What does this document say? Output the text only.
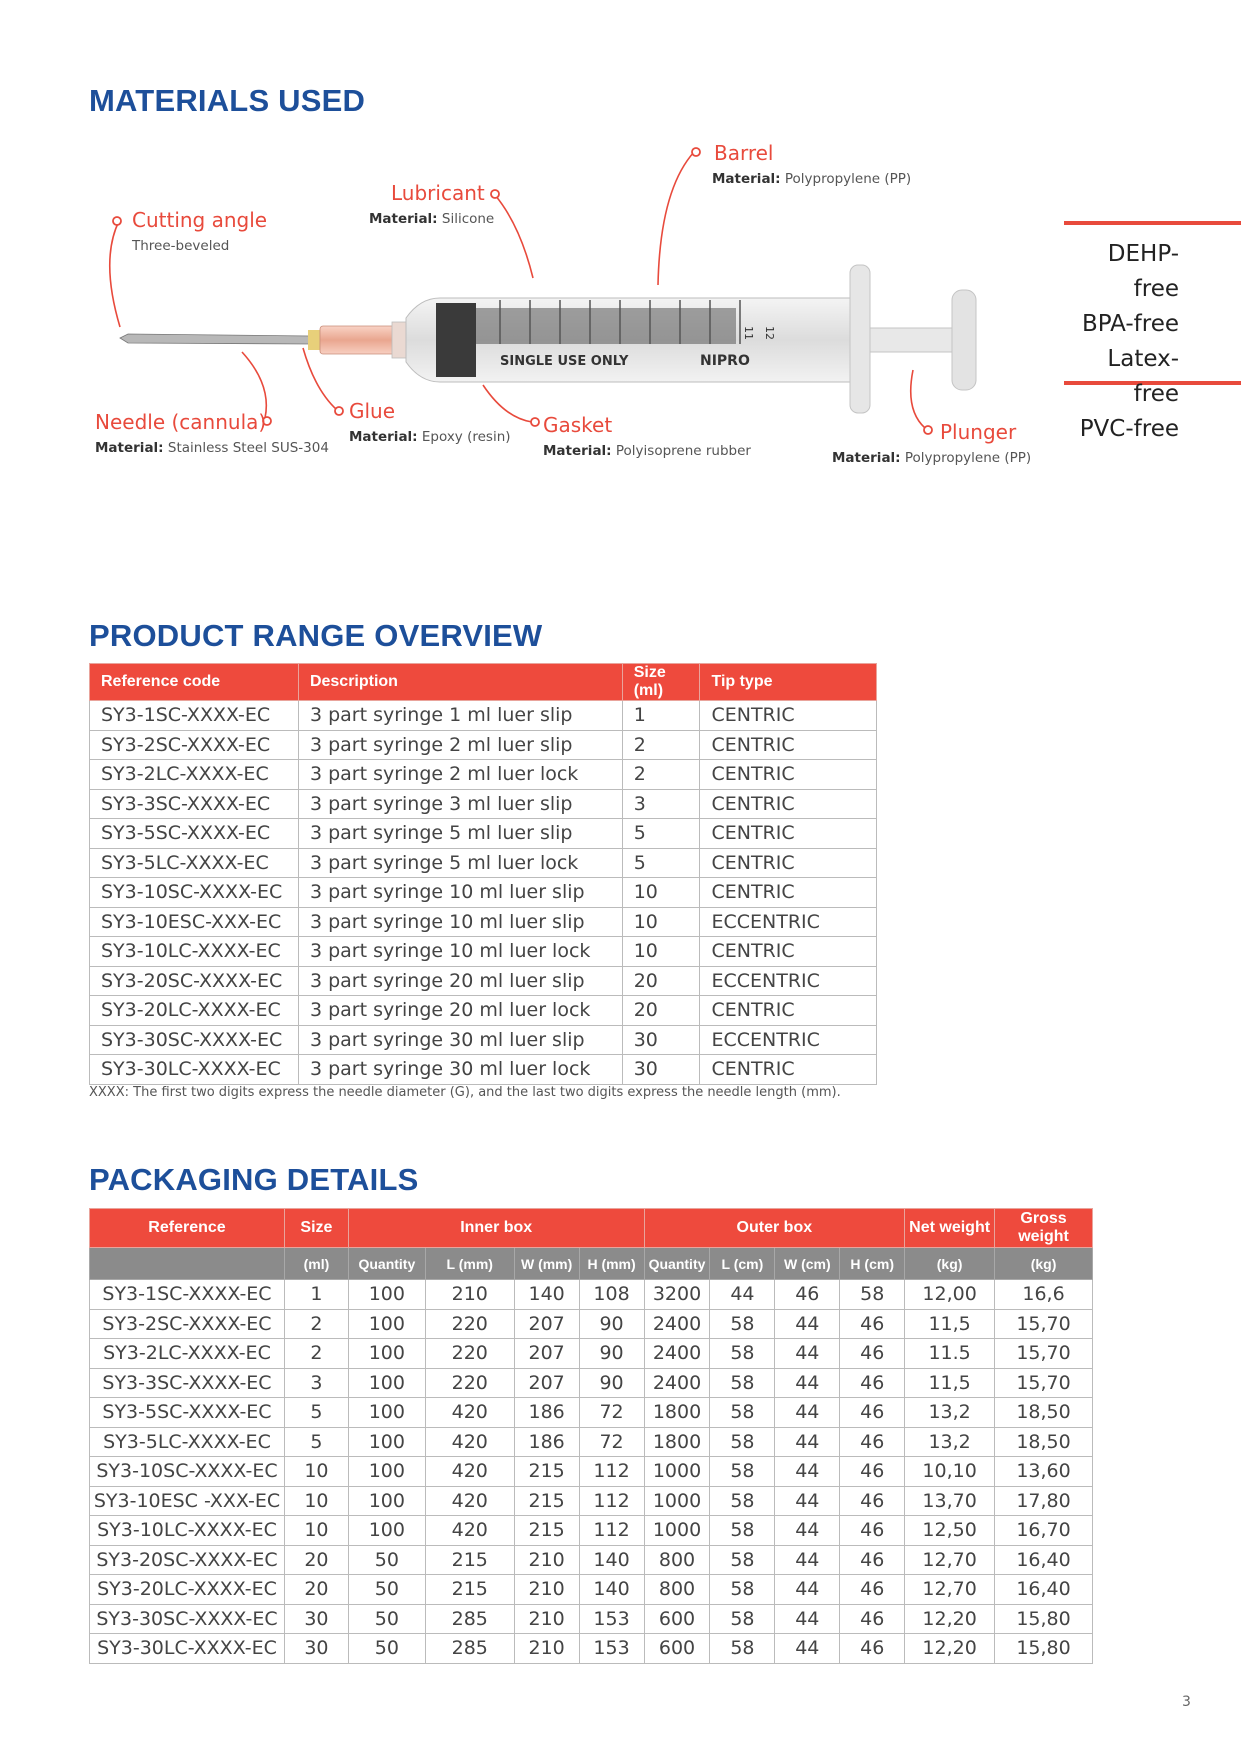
MATERIALS USED
SINGLE USE ONLY	NIPRO
11 12
Barrel
Material: Polypropylene (PP)
Lubricant
Material: Silicone
Cutting angle
Three-beveled
Needle (cannula)
Material: Stainless Steel SUS-304
Glue
Material: Epoxy (resin) Gasket
Material: Polyisoprene rubber
Plunger
Material: Polypropylene (PP)
DEHP-free
BPA-free
Latex-free
PVC-free
PRODUCT RANGE OVERVIEW
Reference code	Description	Size (ml)	Tip type
SY3-1SC-XXXX-EC	3 part syringe 1 ml luer slip	1	CENTRIC
SY3-2SC-XXXX-EC	3 part syringe 2 ml luer slip	2	CENTRIC
SY3-2LC-XXXX-EC	3 part syringe 2 ml luer lock	2	CENTRIC
SY3-3SC-XXXX-EC	3 part syringe 3 ml luer slip	3	CENTRIC
SY3-5SC-XXXX-EC	3 part syringe 5 ml luer slip	5	CENTRIC
SY3-5LC-XXXX-EC	3 part syringe 5 ml luer lock	5	CENTRIC
SY3-10SC-XXXX-EC	3 part syringe 10 ml luer slip	10	CENTRIC
SY3-10ESC-XXX-EC	3 part syringe 10 ml luer slip	10	ECCENTRIC
SY3-10LC-XXXX-EC	3 part syringe 10 ml luer lock	10	CENTRIC
SY3-20SC-XXXX-EC	3 part syringe 20 ml luer slip	20	ECCENTRIC
SY3-20LC-XXXX-EC	3 part syringe 20 ml luer lock	20	CENTRIC
SY3-30SC-XXXX-EC	3 part syringe 30 ml luer slip	30	ECCENTRIC
SY3-30LC-XXXX-EC	3 part syringe 30 ml luer lock	30	CENTRIC
XXXX: The first two digits express the needle diameter (G), and the last two digits express the needle length (mm).
PACKAGING DETAILS
Reference	Size	Inner box				Outer box				Net weight	Gross weight
	(ml)	Quantity	L (mm)	W (mm)	H (mm)	Quantity	L (cm)	W (cm)	H (cm)	(kg)	(kg)
SY3-1SC-XXXX-EC	1	100	210	140	108	3200	44	46	58	12,00	16,6
SY3-2SC-XXXX-EC	2	100	220	207	90	2400	58	44	46	11,5	15,70
SY3-2LC-XXXX-EC	2	100	220	207	90	2400	58	44	46	11.5	15,70
SY3-3SC-XXXX-EC	3	100	220	207	90	2400	58	44	46	11,5	15,70
SY3-5SC-XXXX-EC	5	100	420	186	72	1800	58	44	46	13,2	18,50
SY3-5LC-XXXX-EC	5	100	420	186	72	1800	58	44	46	13,2	18,50
SY3-10SC-XXXX-EC	10	100	420	215	112	1000	58	44	46	10,10	13,60
SY3-10ESC -XXX-EC	10	100	420	215	112	1000	58	44	46	13,70	17,80
SY3-10LC-XXXX-EC	10	100	420	215	112	1000	58	44	46	12,50	16,70
SY3-20SC-XXXX-EC	20	50	215	210	140	800	58	44	46	12,70	16,40
SY3-20LC-XXXX-EC	20	50	215	210	140	800	58	44	46	12,70	16,40
SY3-30SC-XXXX-EC	30	50	285	210	153	600	58	44	46	12,20	15,80
SY3-30LC-XXXX-EC	30	50	285	210	153	600	58	44	46	12,20	15,80
3
